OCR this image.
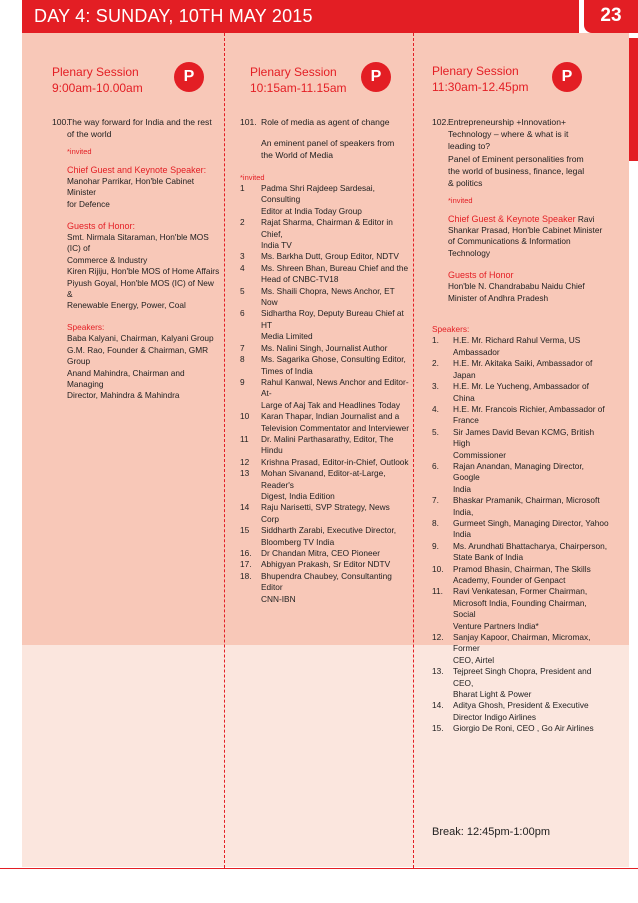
DAY 4: SUNDAY, 10TH MAY 2015	23
Plenary Session
9:00am-10.00am
P
100.
The way forward for India and the rest
of the world
*invited
Chief Guest and Keynote Speaker:
Manohar Parrikar, Hon'ble Cabinet Minister
for Defence
Guests of Honor:
Smt. Nirmala Sitaraman, Hon'ble MOS (IC) of
Commerce & Industry
Kiren Rijiju, Hon'ble MOS of Home Affairs
Piyush Goyal, Hon'ble MOS (IC) of New &
Renewable Energy, Power, Coal
Speakers:
Baba Kalyani, Chairman, Kalyani Group
G.M. Rao, Founder & Chairman, GMR Group
Anand Mahindra, Chairman and Managing
Director, Mahindra & Mahindra
Plenary Session
10:15am-11.15am
P
101. Role of media as agent of change
An eminent panel of speakers from
the World of Media
*invited
1 Padma Shri Rajdeep Sardesai, Consulting
Editor at India Today Group
2 Rajat Sharma, Chairman & Editor in Chief,
India TV
3 Ms. Barkha Dutt, Group Editor, NDTV
4 Ms. Shreen Bhan, Bureau Chief and the
Head of CNBC-TV18
5 Ms. Shaili Chopra, News Anchor, ET Now
6 Sidhartha Roy, Deputy Bureau Chief at HT
Media Limited
7 Ms. Nalini Singh, Journalist Author
8 Ms. Sagarika Ghose, Consulting Editor,
Times of India
9 Rahul Kanwal, News Anchor and Editor-At-
Large of Aaj Tak and Headlines Today
10 Karan Thapar, Indian Journalist and a
Television Commentator and Interviewer
11 Dr. Malini Parthasarathy, Editor, The Hindu
12 Krishna Prasad, Editor-in-Chief, Outlook
13 Mohan Sivanand, Editor-at-Large, Reader's
Digest, India Edition
14 Raju Narisetti, SVP Strategy, News Corp
15 Siddharth Zarabi, Executive Director,
Bloomberg TV India
16. Dr Chandan Mitra, CEO Pioneer
17. Abhigyan Prakash, Sr Editor NDTV
18. Bhupendra Chaubey, Consultanting Editor
CNN-IBN
Plenary Session
11:30am-12.45pm
P
102. Entrepreneurship +Innovation+
Technology – where & what is it
leading to?
Panel of Eminent personalities from
the world of business, finance, legal
& politics
*invited
Chief Guest & Keynote Speaker Ravi
Shankar Prasad, Hon'ble Cabinet Minister
of Communications & Information
Technology
Guests of Honor
Hon'ble N. Chandrababu Naidu Chief
Minister of Andhra Pradesh
Speakers:
1. H.E. Mr. Richard Rahul Verma, US
Ambassador
2. H.E. Mr. Akitaka Saiki, Ambassador of Japan
3. H.E. Mr. Le Yucheng, Ambassador of China
4. H.E. Mr. Francois Richier, Ambassador of
France
5. Sir James David Bevan KCMG, British High
Commissioner
6. Rajan Anandan, Managing Director, Google
India
7. Bhaskar Pramanik, Chairman, Microsoft
India,
8. Gurmeet Singh, Managing Director, Yahoo
India
9. Ms. Arundhati Bhattacharya, Chairperson,
State Bank of India
10. Pramod Bhasin, Chairman, The Skills
Academy, Founder of Genpact
11. Ravi Venkatesan, Former Chairman,
Microsoft India, Founding Chairman, Social
Venture Partners India*
12. Sanjay Kapoor, Chairman, Micromax, Former
CEO, Airtel
13. Tejpreet Singh Chopra, President and CEO,
Bharat Light & Power
14. Aditya Ghosh, President & Executive
Director Indigo Airlines
15. Giorgio De Roni, CEO , Go Air Airlines
Break: 12:45pm-1:00pm
